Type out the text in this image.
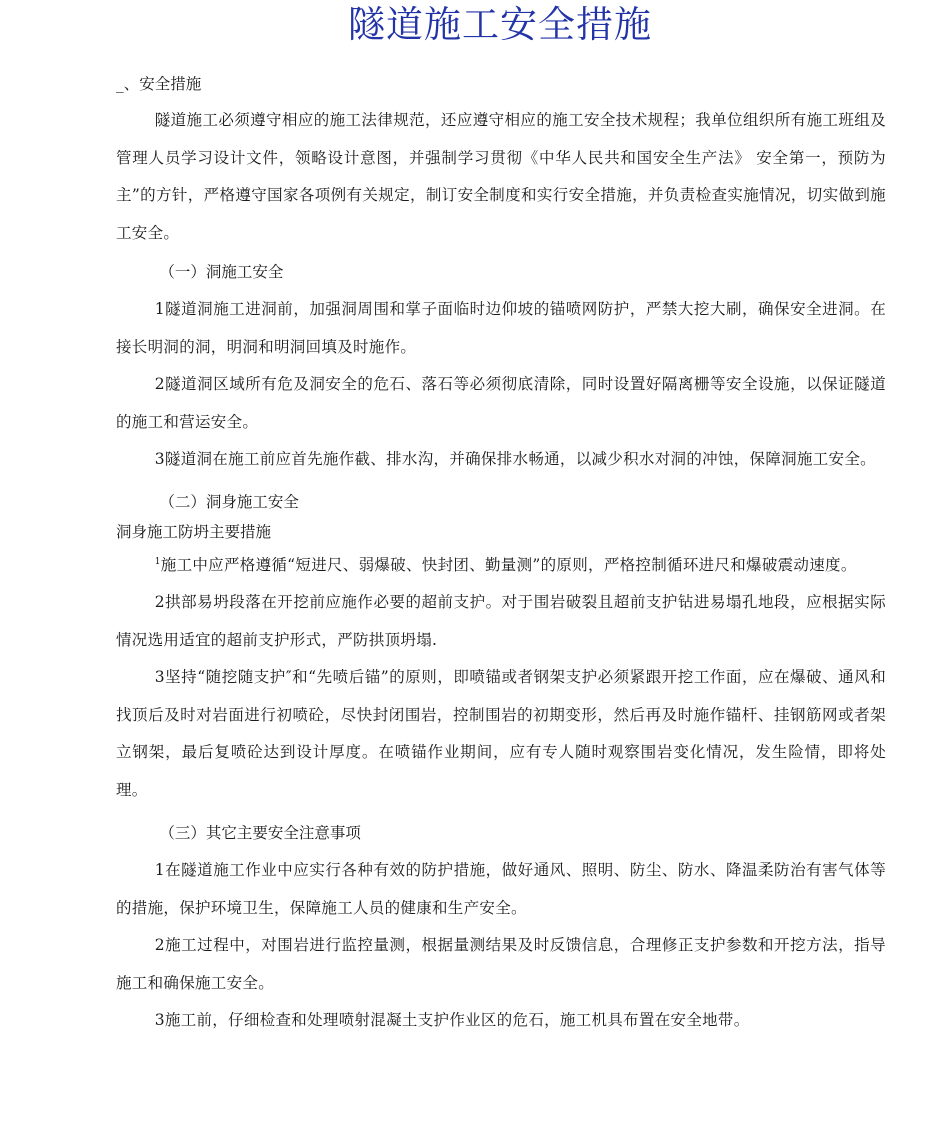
隧道施工安全措施

_、安全措施

隧道施工必须遵守相应的施工法律规范，还应遵守相应的施工安全技术规程；我单位组织所有施工班组及管理人员学习设计文件，领略设计意图，并强制学习贯彻《中华人民共和国安全生产法》 安全第一，预防为主”的方针，严格遵守国家各项例有关规定，制订安全制度和实行安全措施，并负责检查实施情况，切实做到施工安全。

（一）洞施工安全

1隧道洞施工进洞前，加强洞周围和掌子面临时边仰坡的锚喷网防护，严禁大挖大刷，确保安全进洞。在接长明洞的洞，明洞和明洞回填及时施作。

2隧道洞区域所有危及洞安全的危石、落石等必须彻底清除，同时设置好隔离栅等安全设施，以保证隧道的施工和营运安全。

3隧道洞在施工前应首先施作截、排水沟，并确保排水畅通，以减少积水对洞的冲蚀，保障洞施工安全。

（二）洞身施工安全

洞身施工防坍主要措施

$^1$施工中应严格遵循“短进尺、弱爆破、快封团、勤量测”的原则，严格控制循环进尺和爆破震动速度。

2拱部易坍段落在开挖前应施作必要的超前支护。对于围岩破裂且超前支护钻进易塌孔地段，应根据实际情况选用适宜的超前支护形式，严防拱顶坍塌.

3坚持“随挖随支护″和“先喷后锚”的原则，即喷锚或者钢架支护必须紧跟开挖工作面，应在爆破、通风和找顶后及时对岩面进行初喷砼，尽快封闭围岩，控制围岩的初期变形，然后再及时施作锚杆、挂钢筋网或者架立钢架，最后复喷砼达到设计厚度。在喷锚作业期间，应有专人随时观察围岩变化情况，发生险情，即将处理。

（三）其它主要安全注意事项

1在隧道施工作业中应实行各种有效的防护措施，做好通风、照明、防尘、防水、降温柔防治有害气体等的措施，保护环境卫生，保障施工人员的健康和生产安全。

2施工过程中，对围岩进行监控量测，根据量测结果及时反馈信息，合理修正支护参数和开挖方法，指导施工和确保施工安全。

3施工前，仔细检查和处理喷射混凝土支护作业区的危石，施工机具布置在安全地带。
